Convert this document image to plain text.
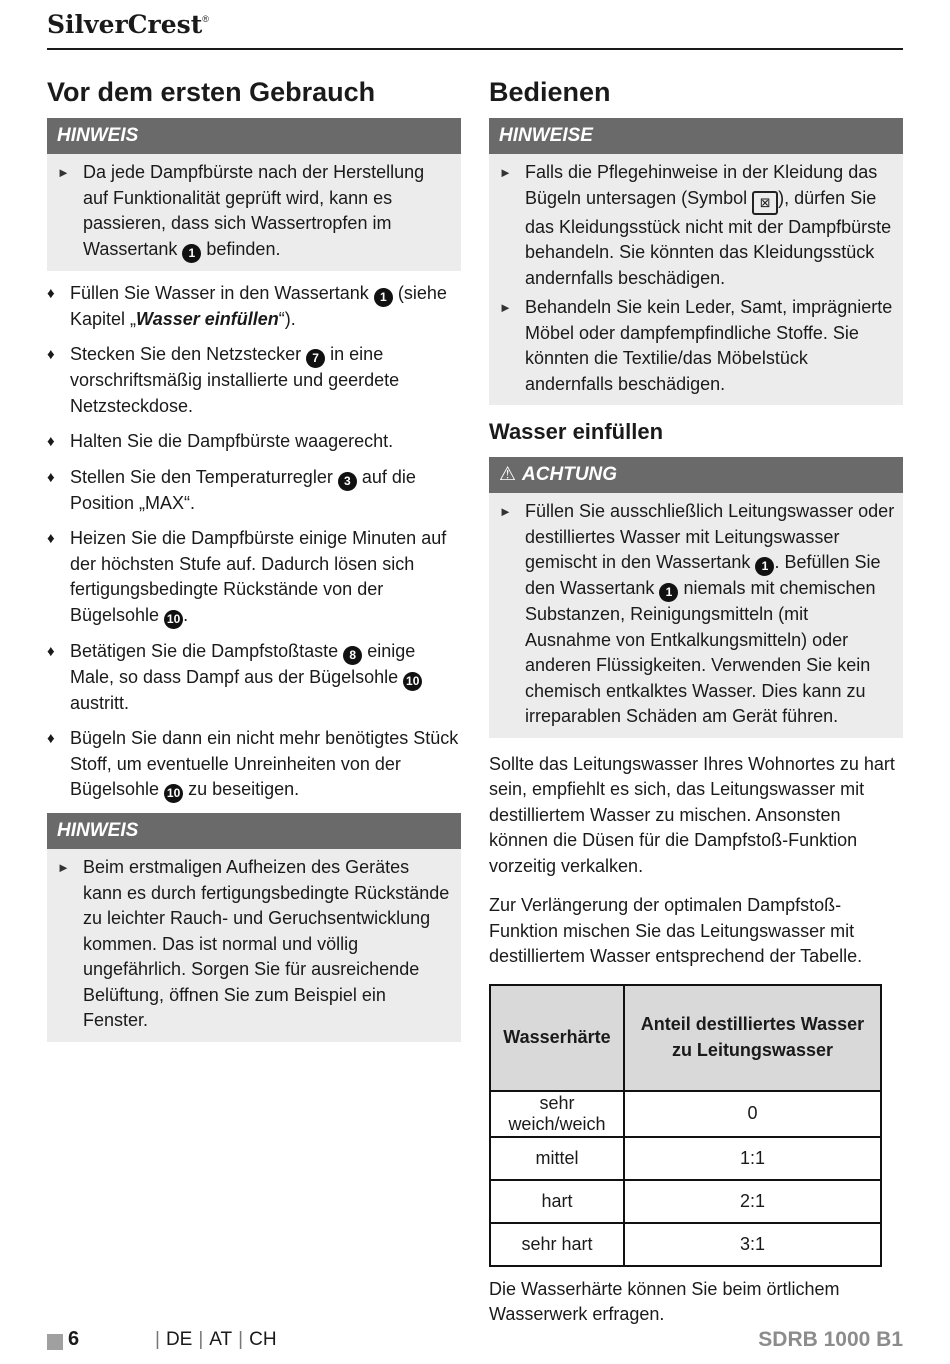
SilverCrest®
Vor dem ersten Gebrauch
HINWEIS
► Da jede Dampfbürste nach der Herstellung auf Funktionalität geprüft wird, kann es passieren, dass sich Wassertropfen im Wassertank 1 befinden.
♦ Füllen Sie Wasser in den Wassertank 1 (siehe Kapitel „Wasser einfüllen“).
♦ Stecken Sie den Netzstecker 7 in eine vorschriftsmäßig installierte und geerdete Netzsteckdose.
♦ Halten Sie die Dampfbürste waagerecht.
♦ Stellen Sie den Temperaturregler 3 auf die Position „MAX“.
♦ Heizen Sie die Dampfbürste einige Minuten auf der höchsten Stufe auf. Dadurch lösen sich fertigungsbedingte Rückstände von der Bügelsohle 10 .
♦ Betätigen Sie die Dampfstoßtaste 8 einige Male, so dass Dampf aus der Bügelsohle 10 austritt.
♦ Bügeln Sie dann ein nicht mehr benötigtes Stück Stoff, um eventuelle Unreinheiten von der Bügelsohle 10 zu beseitigen.
HINWEIS
► Beim erstmaligen Aufheizen des Gerätes kann es durch fertigungsbedingte Rückstände zu leichter Rauch- und Geruchsentwicklung kommen. Das ist normal und völlig ungefährlich. Sorgen Sie für ausreichende Belüftung, öffnen Sie zum Beispiel ein Fenster.
Bedienen
HINWEISE
► Falls die Pflegehinweise in der Kleidung das Bügeln untersagen (Symbol ⊠ ), dürfen Sie das Kleidungsstück nicht mit der Dampfbürste behandeln. Sie könnten das Kleidungsstück andernfalls beschädigen.
► Behandeln Sie kein Leder, Samt, imprägnierte Möbel oder dampfempfindliche Stoffe. Sie könnten die Textilie/das Möbelstück andernfalls beschädigen.
Wasser einfüllen
⚠ ACHTUNG
► Füllen Sie ausschließlich Leitungswasser oder destilliertes Wasser mit Leitungswasser gemischt in den Wassertank 1 . Befüllen Sie den Wassertank 1 niemals mit chemischen Substanzen, Reinigungsmitteln (mit Ausnahme von Entkalkungsmitteln) oder anderen Flüssigkeiten. Verwenden Sie kein chemisch entkalktes Wasser. Dies kann zu irreparablen Schäden am Gerät führen.
Sollte das Leitungswasser Ihres Wohnortes zu hart sein, empfiehlt es sich, das Leitungswasser mit destilliertem Wasser zu mischen. Ansonsten können die Düsen für die Dampfstoß-Funktion vorzeitig verkalken.
Zur Verlängerung der optimalen Dampfstoß-Funktion mischen Sie das Leitungswasser mit destilliertem Wasser entsprechend der Tabelle.
Wasserhärte	Anteil destilliertes Wasser zu Leitungswasser
sehr weich/weich	0
mittel	1:1
hart	2:1
sehr hart	3:1
Die Wasserhärte können Sie beim örtlichem Wasserwerk erfragen.
6	| DE | AT | CH	SDRB 1000 B1
